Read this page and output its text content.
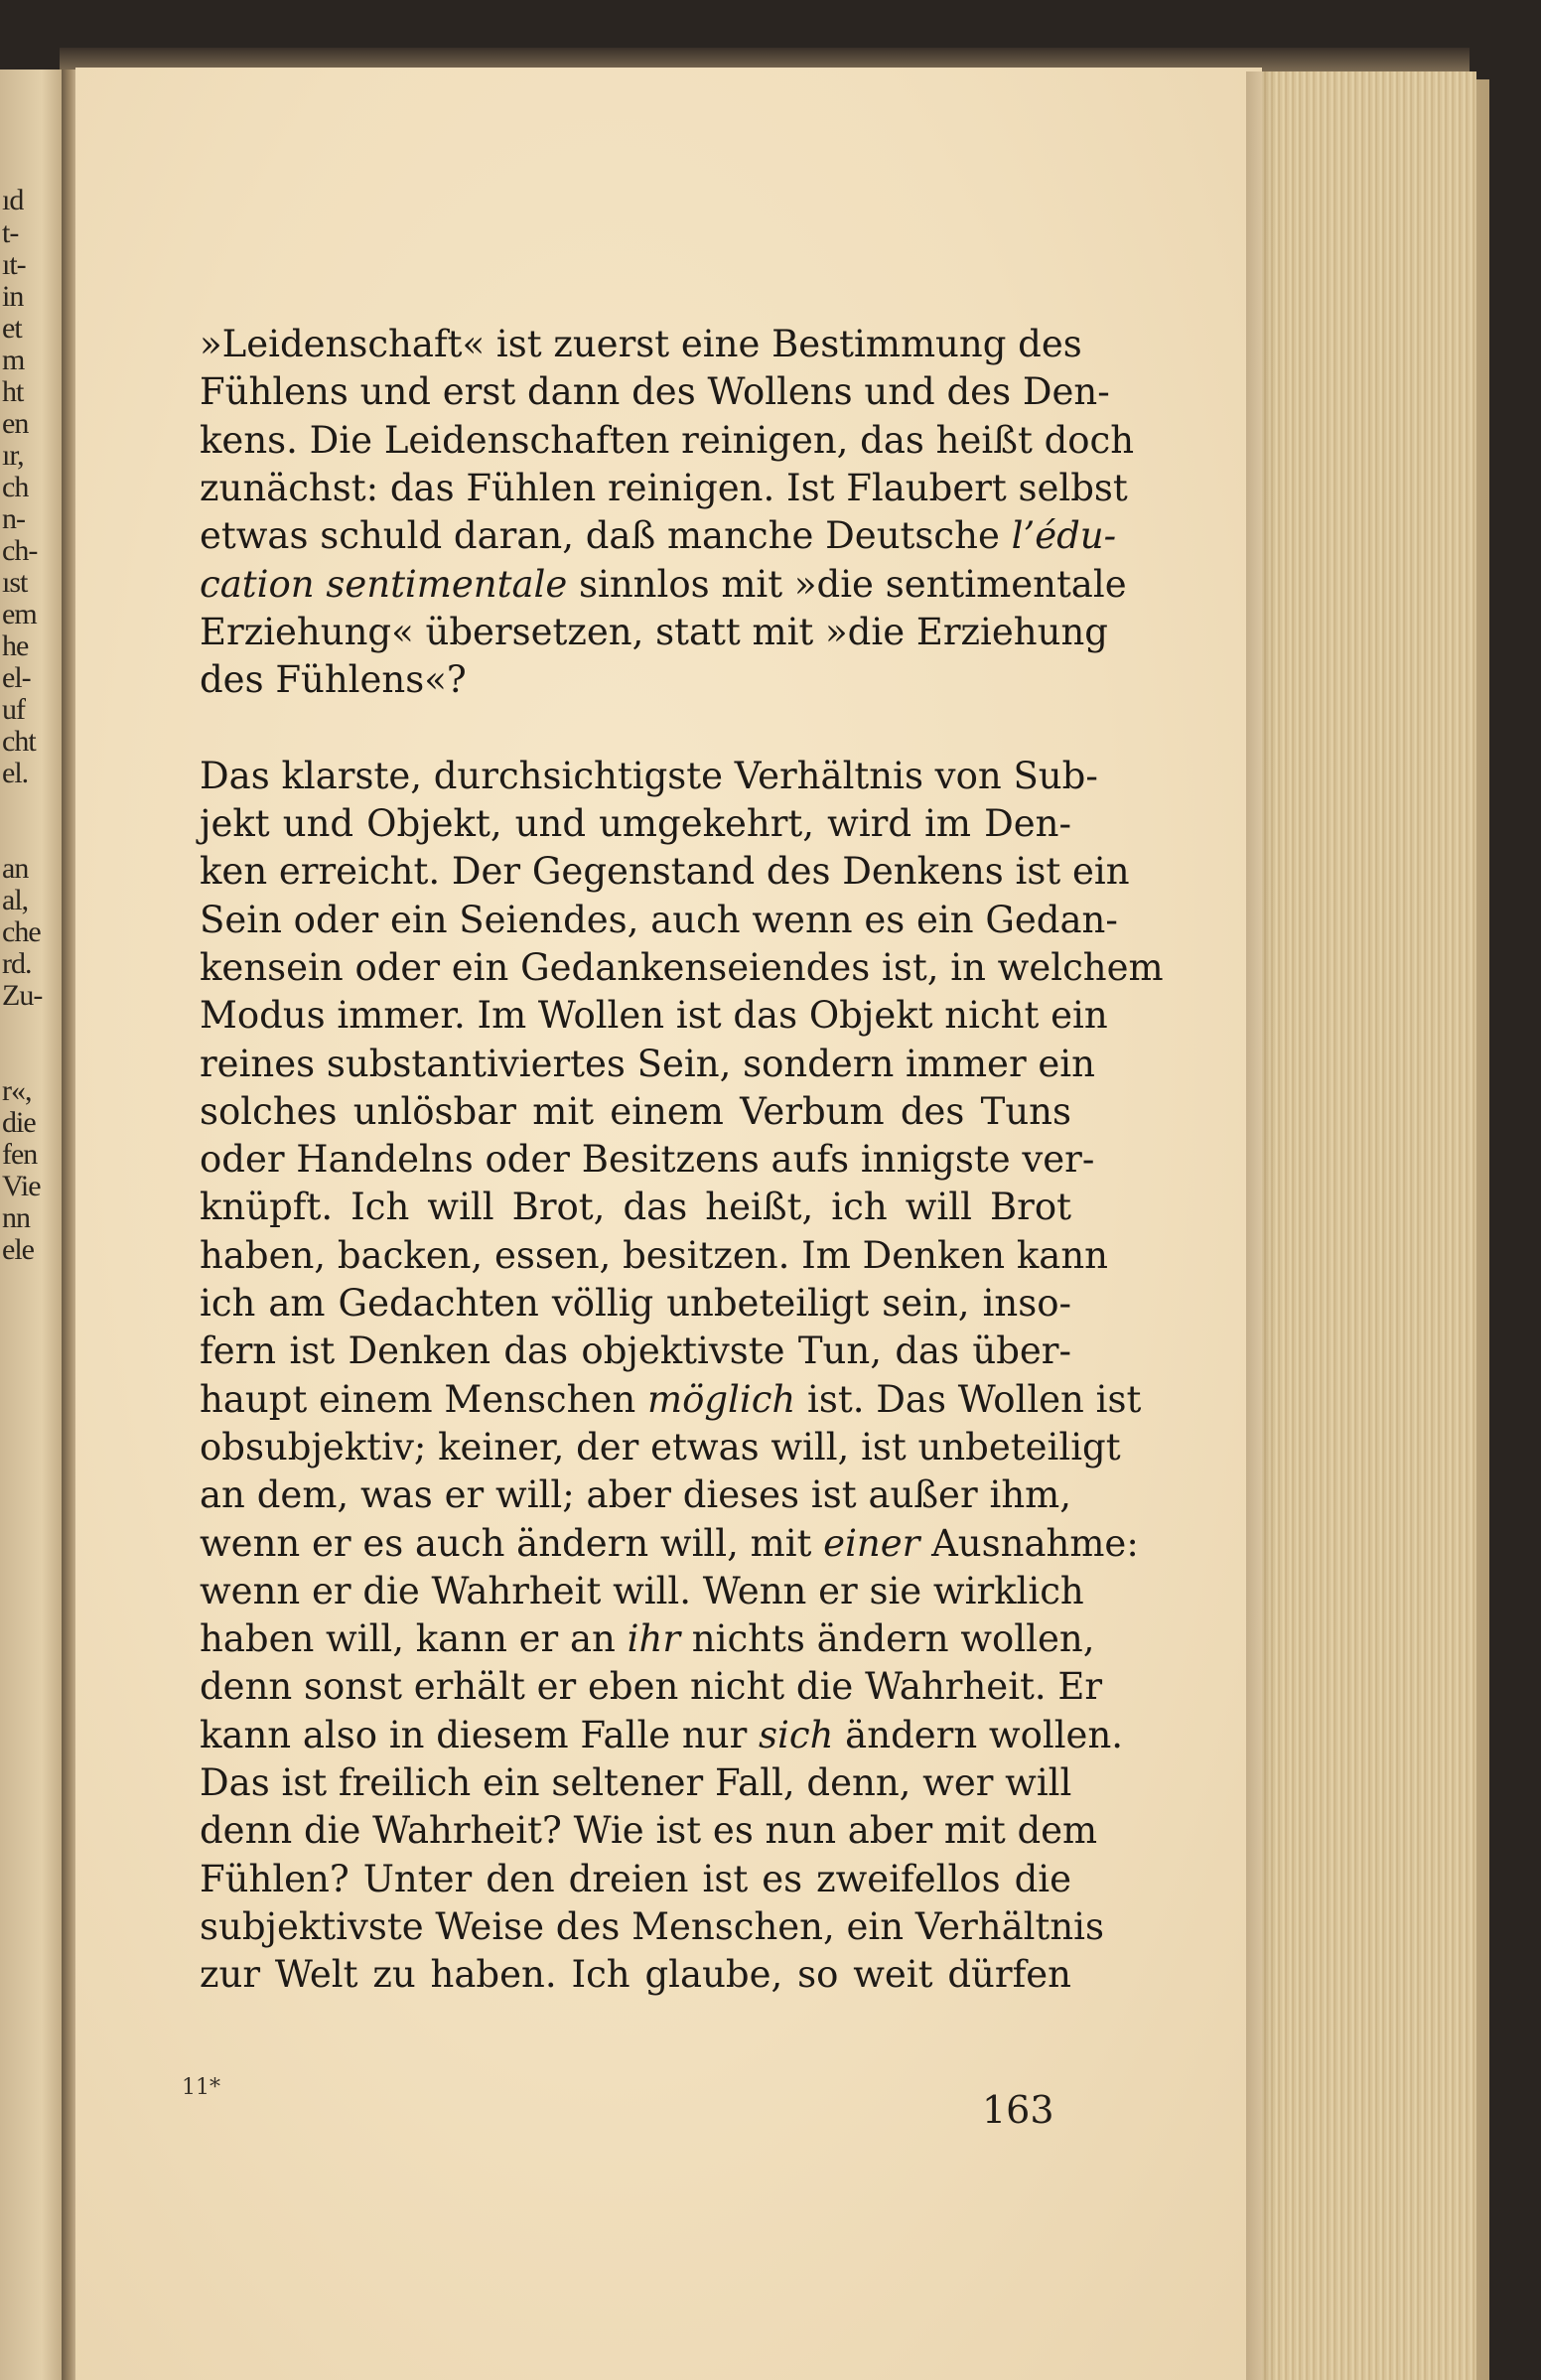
ıd
t-
ıt-
in
et
m
ht
en
ır,
ch
n-
ch-
ıst
em
he
el-
uf
cht
el.
an
al,
che
rd.
Zu-
r«,
die
fen
Vie
nn
ele
»Leidenschaft« ist zuerst eine Bestimmung des
Fühlens und erst dann des Wollens und des Den-
kens. Die Leidenschaften reinigen, das heißt doch
zunächst: das Fühlen reinigen. Ist Flaubert selbst
etwas schuld daran, daß manche Deutsche l’édu-
cation sentimentale sinnlos mit »die sentimentale
Erziehung« übersetzen, statt mit »die Erziehung
des Fühlens«?
Das klarste, durchsichtigste Verhältnis von Sub-
jekt und Objekt, und umgekehrt, wird im Den-
ken erreicht. Der Gegenstand des Denkens ist ein
Sein oder ein Seiendes, auch wenn es ein Gedan-
kensein oder ein Gedankenseiendes ist, in welchem
Modus immer. Im Wollen ist das Objekt nicht ein
reines substantiviertes Sein, sondern immer ein
solches unlösbar mit einem Verbum des Tuns
oder Handelns oder Besitzens aufs innigste ver-
knüpft. Ich will Brot, das heißt, ich will Brot
haben, backen, essen, besitzen. Im Denken kann
ich am Gedachten völlig unbeteiligt sein, inso-
fern ist Denken das objektivste Tun, das über-
haupt einem Menschen möglich ist. Das Wollen ist
obsubjektiv; keiner, der etwas will, ist unbeteiligt
an dem, was er will; aber dieses ist außer ihm,
wenn er es auch ändern will, mit einer Ausnahme:
wenn er die Wahrheit will. Wenn er sie wirklich
haben will, kann er an ihr nichts ändern wollen,
denn sonst erhält er eben nicht die Wahrheit. Er
kann also in diesem Falle nur sich ändern wollen.
Das ist freilich ein seltener Fall, denn, wer will
denn die Wahrheit? Wie ist es nun aber mit dem
Fühlen? Unter den dreien ist es zweifellos die
subjektivste Weise des Menschen, ein Verhältnis
zur Welt zu haben. Ich glaube, so weit dürfen
11*
163
